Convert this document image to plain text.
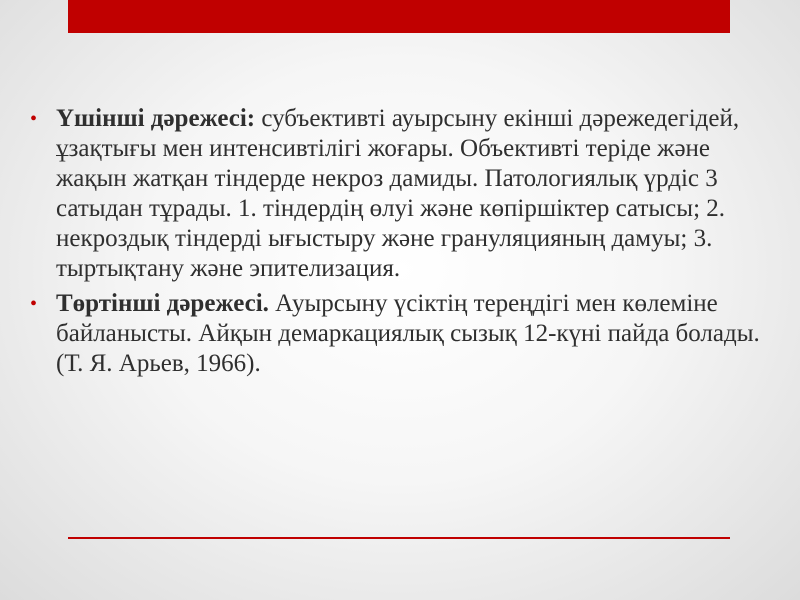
• Үшінші дәрежесі: субъективті ауырсыну екінші дәрежедегідей, ұзақтығы мен интенсивтілігі жоғары. Объективті теріде және жақын жатқан тіндерде некроз дамиды. Патологиялық үрдіс 3 сатыдан тұрады. 1. тіндердің өлуі және көпіршіктер сатысы; 2. некроздық тіндерді ығыстыру және грануляцияның дамуы; 3. тыртықтану және эпителизация.
• Төртінші дәрежесі. Ауырсыну үсіктің тереңдігі мен көлеміне байланысты. Айқын демаркациялық сызық 12-күні пайда болады. (Т. Я. Арьев, 1966).
